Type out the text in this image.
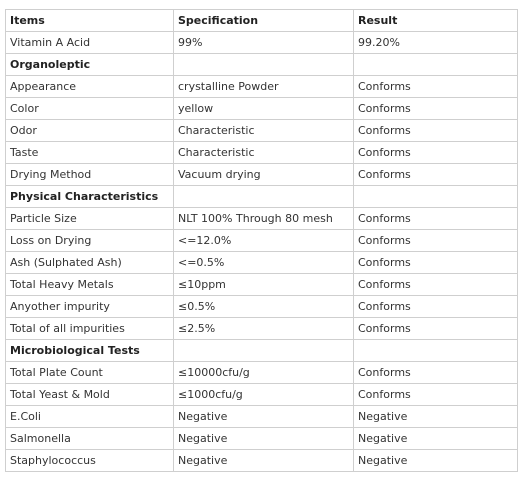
Items	Specification	Result
Vitamin A Acid	99%	99.20%
Organoleptic		
Appearance	crystalline Powder	Conforms
Color	yellow	Conforms
Odor	Characteristic	Conforms
Taste	Characteristic	Conforms
Drying Method	Vacuum drying	Conforms
Physical Characteristics		
Particle Size	NLT 100% Through 80 mesh	Conforms
Loss on Drying	<=12.0%	Conforms
Ash (Sulphated Ash)	<=0.5%	Conforms
Total Heavy Metals	≤10ppm	Conforms
Anyother impurity	≤0.5%	Conforms
Total of all impurities	≤2.5%	Conforms
Microbiological Tests		
Total Plate Count	≤10000cfu/g	Conforms
Total Yeast & Mold	≤1000cfu/g	Conforms
E.Coli	Negative	Negative
Salmonella	Negative	Negative
Staphylococcus	Negative	Negative
